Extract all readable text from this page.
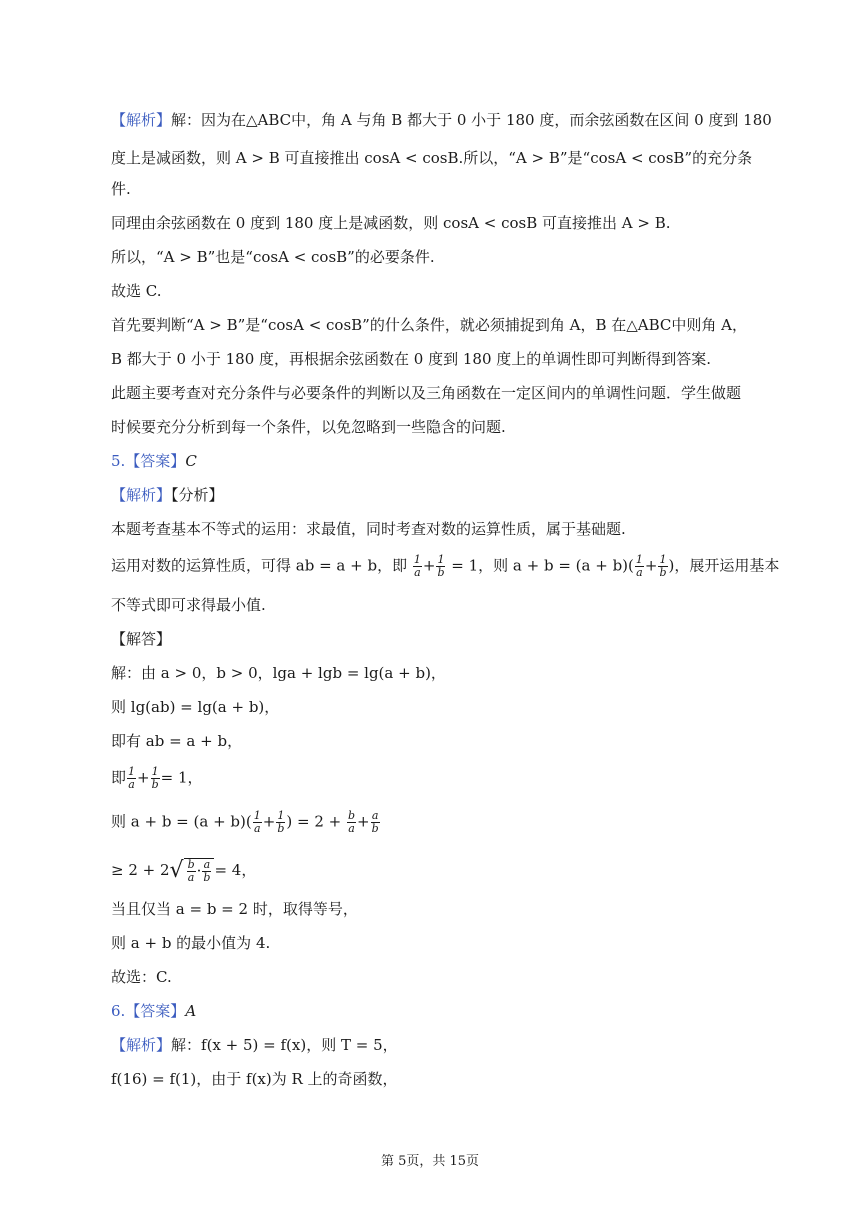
【解析】解：因为在△ABC中，角 A 与角 B 都大于 0 小于 180 度，而余弦函数在区间 0 度到 180
度上是减函数，则 A > B 可直接推出 cosA < cosB.所以，“A > B”是“cosA < cosB”的充分条
件.
同理由余弦函数在 0 度到 180 度上是减函数，则 cosA < cosB 可直接推出 A > B.
所以，“A > B”也是“cosA < cosB”的必要条件.
故选 C.
首先要判断“A > B”是“cosA < cosB”的什么条件，就必须捕捉到角 A，B 在△ABC中则角 A，
B 都大于 0 小于 180 度，再根据余弦函数在 0 度到 180 度上的单调性即可判断得到答案.
此题主要考查对充分条件与必要条件的判断以及三角函数在一定区间内的单调性问题．学生做题
时候要充分分析到每一个条件，以免忽略到一些隐含的问题.
5.【答案】C
【解析】【分析】
本题考查基本不等式的运用：求最值，同时考查对数的运算性质，属于基础题.
运用对数的运算性质，可得 ab = a + b，即 $\frac{1}{a} + \frac{1}{b} = 1$，则 $a + b = (a + b)( \frac{1}{a} + \frac{1}{b}$ )，展开运用基本
不等式即可求得最小值.
【解答】
解：由 a > 0，b > 0，lga + lgb = lg(a + b)，
则 lg(ab) = lg(a + b)，
即有 ab = a + b，
即 $\frac{1}{a} + \frac{1}{b} = 1$，
则 $a + b = (a + b)( \frac{1}{a} + \frac{1}{b}$ ) = $2 + \frac{b}{a} + \frac{a}{b}$
≥ $2 + 2√ \frac{b}{a} \cdot \frac{a}{b} = 4$，
当且仅当 a = b = 2 时，取得等号，
则 a + b 的最小值为 4.
故选：C.
6.【答案】A
【解析】解：f(x + 5) = f(x)，则 T = 5，
f(16) = f(1)，由于 f(x)为 R 上的奇函数，
第 5页，共 15页
